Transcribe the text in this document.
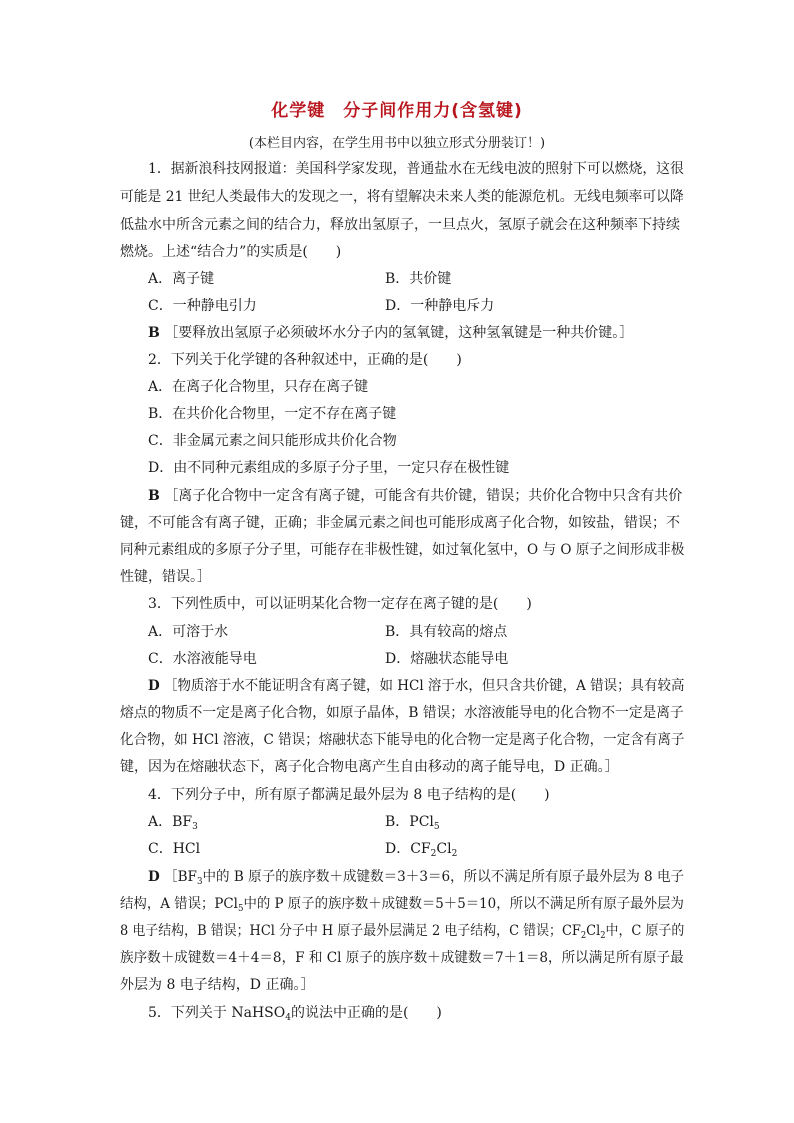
化学键　分子间作用力(含氢键)
(本栏目内容，在学生用书中以独立形式分册装订！)
1．据新浪科技网报道：美国科学家发现，普通盐水在无线电波的照射下可以燃烧，这很
可能是 21 世纪人类最伟大的发现之一，将有望解决未来人类的能源危机。无线电频率可以降
低盐水中所含元素之间的结合力，释放出氢原子，一旦点火，氢原子就会在这种频率下持续
燃烧。上述“结合力”的实质是(　　)
A．离子键	B．共价键
C．一种静电引力	D．一种静电斥力
B ［要释放出氢原子必须破坏水分子内的氢氧键，这种氢氧键是一种共价键。］
2．下列关于化学键的各种叙述中，正确的是(　　)
A．在离子化合物里，只存在离子键
B．在共价化合物里，一定不存在离子键
C．非金属元素之间只能形成共价化合物
D．由不同种元素组成的多原子分子里，一定只存在极性键
B ［离子化合物中一定含有离子键，可能含有共价键，错误；共价化合物中只含有共价
键，不可能含有离子键，正确；非金属元素之间也可能形成离子化合物，如铵盐，错误；不
同种元素组成的多原子分子里，可能存在非极性键，如过氧化氢中，O 与 O 原子之间形成非极
性键，错误。］
3．下列性质中，可以证明某化合物一定存在离子键的是(　　)
A．可溶于水	B．具有较高的熔点
C．水溶液能导电	D．熔融状态能导电
D ［物质溶于水不能证明含有离子键，如 HCl 溶于水，但只含共价键，A 错误；具有较高
熔点的物质不一定是离子化合物，如原子晶体，B 错误；水溶液能导电的化合物不一定是离子
化合物，如 HCl 溶液，C 错误；熔融状态下能导电的化合物一定是离子化合物，一定含有离子
键，因为在熔融状态下，离子化合物电离产生自由移动的离子能导电，D 正确。］
4．下列分子中，所有原子都满足最外层为 8 电子结构的是(　　)
A．$BF_3$	B．PCl$_5$
C．HCl	D．$CF_2Cl_2$
D $[BF_3$中的 B 原子的族序数＋成键数＝3＋3＝6，所以不满足所有原子最外层为 8 电子
结构，A 错误；PCl$_5$中的 P 原子的族序数＋成键数＝5＋5＝10，所以不满足所有原子最外层为
8 电子结构，B 错误；HCl 分子中 H 原子最外层满足 2 电子结构，C 错误；$CF_2Cl_2$中，C 原子的
族序数＋成键数＝4＋4＝8，F 和 Cl 原子的族序数＋成键数＝7＋1＝8，所以满足所有原子最
外层为 8 电子结构，D 正确。］
5．下列关于 NaHSO$_4$的说法中正确的是(　　)
